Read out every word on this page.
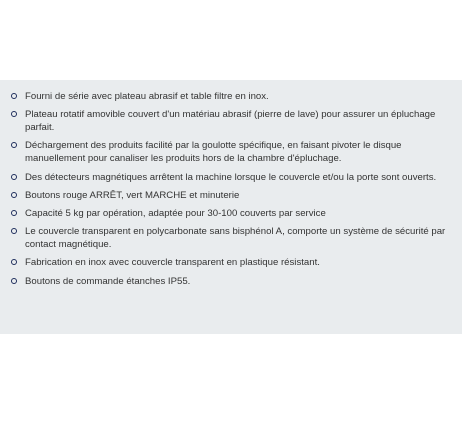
Fourni de série avec plateau abrasif et table filtre en inox.
Plateau rotatif amovible couvert d'un matériau abrasif (pierre de lave) pour assurer un épluchage parfait.
Déchargement des produits facilité par la goulotte spécifique, en faisant pivoter le disque manuellement pour canaliser les produits hors de la chambre d'épluchage.
Des détecteurs magnétiques arrêtent la machine lorsque le couvercle et/ou la porte sont ouverts.
Boutons rouge ARRÊT, vert MARCHE et minuterie
Capacité 5 kg par opération, adaptée pour 30-100 couverts par service
Le couvercle transparent en polycarbonate sans bisphénol A, comporte un système de sécurité par contact magnétique.
Fabrication en inox avec couvercle transparent en plastique résistant.
Boutons de commande étanches IP55.
